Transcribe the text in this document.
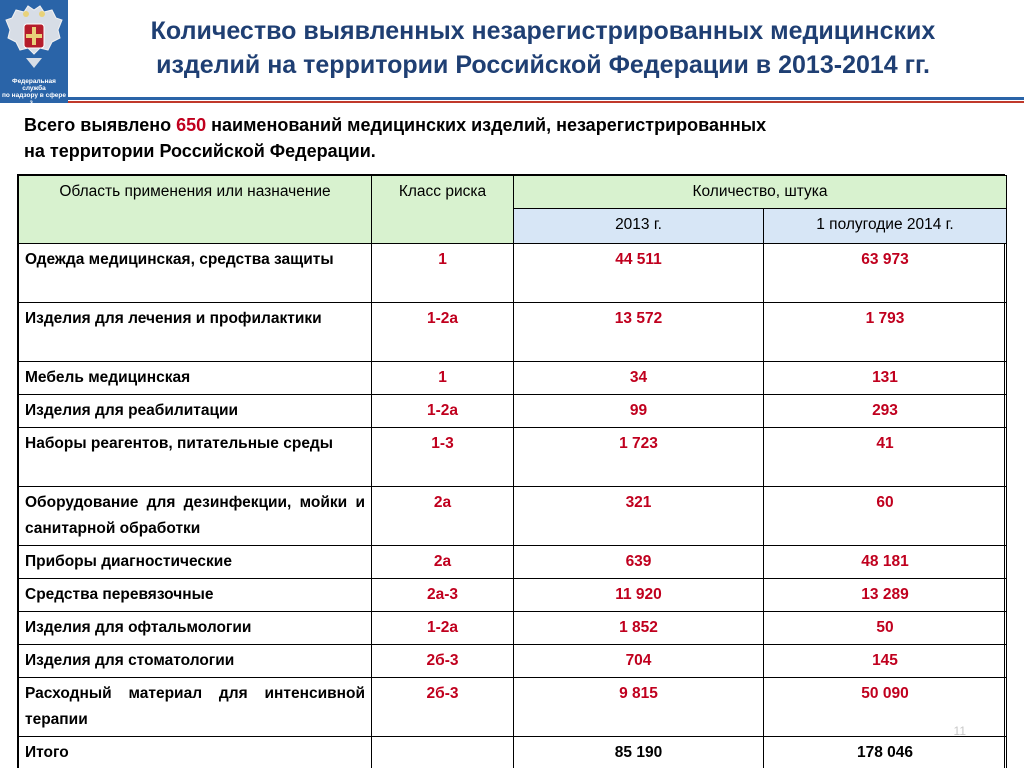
Федеральная служба
по надзору в сфере
з...
Количество выявленных незарегистрированных медицинских
изделий на территории Российской Федерации в 2013-2014 гг.
Всего выявлено 650 наименований медицинских изделий, незарегистрированных
на территории Российской Федерации.
Область применения или назначение	Класс риска	Количество, штука	
		2013 г.	1 полугодие 2014 г.
Одежда медицинская, средства защиты	1	44 511	63 973
Изделия для лечения и профилактики	1-2а	13 572	1 793
Мебель медицинская	1	34	131
Изделия для реабилитации	1-2а	99	293
Наборы реагентов, питательные среды	1-3	1 723	41
Оборудование для дезинфекции, мойки и санитарной обработки	2а	321	60
Приборы диагностические	2а	639	48 181
Средства перевязочные	2а-3	11 920	13 289
Изделия для офтальмологии	1-2а	1 852	50
Изделия для стоматологии	2б-3	704	145
Расходный материал для интенсивной терапии	2б-3	9 815	50 090
Итого		85 190	178 046
11
